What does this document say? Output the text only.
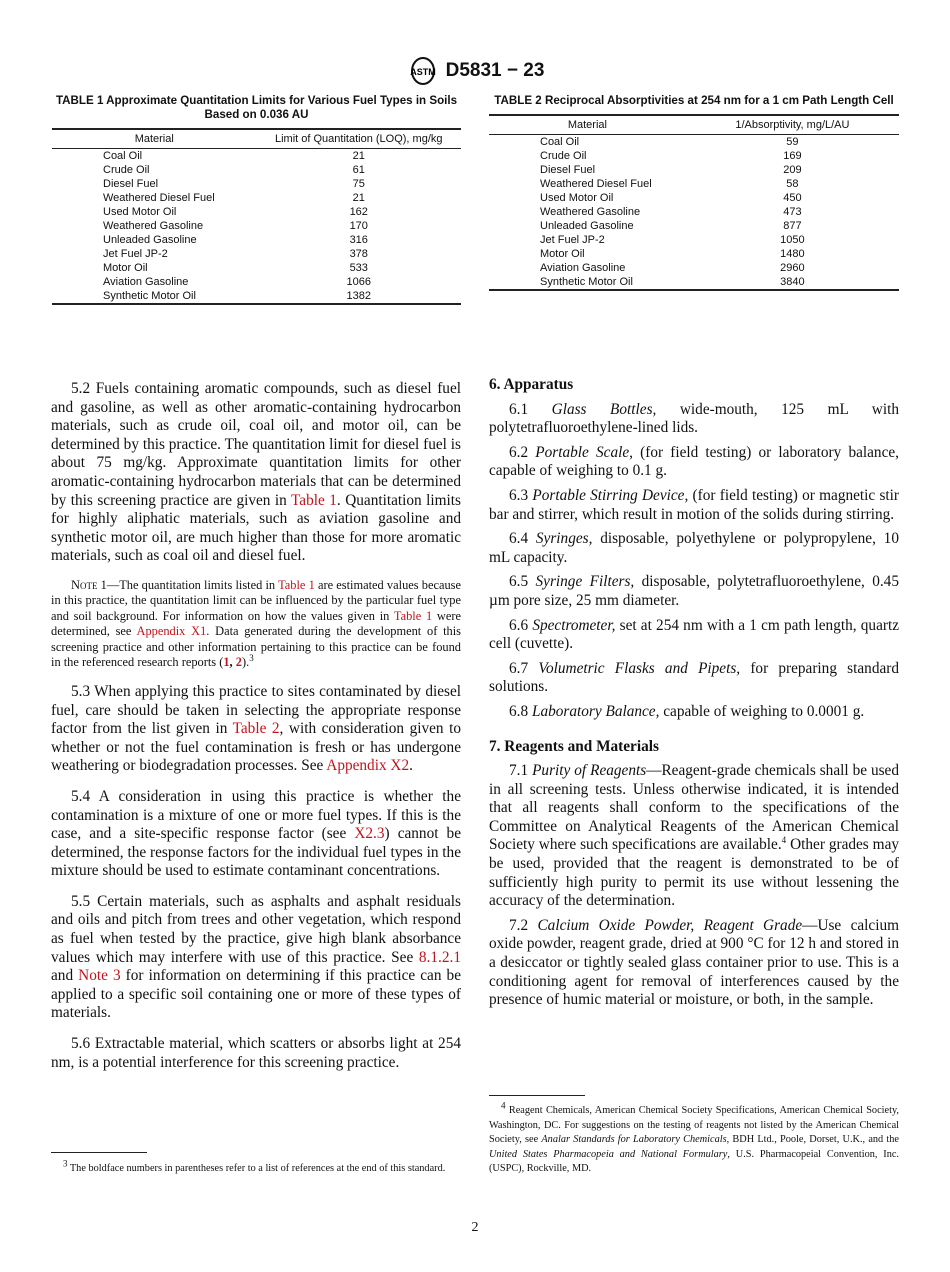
ASTM D5831 − 23
TABLE 1 Approximate Quantitation Limits for Various Fuel Types in Soils Based on 0.036 AU
Material	Limit of Quantitation (LOQ), mg/kg
Coal Oil	21
Crude Oil	61
Diesel Fuel	75
Weathered Diesel Fuel	21
Used Motor Oil	162
Weathered Gasoline	170
Unleaded Gasoline	316
Jet Fuel JP-2	378
Motor Oil	533
Aviation Gasoline	1066
Synthetic Motor Oil	1382
TABLE 2 Reciprocal Absorptivities at 254 nm for a 1 cm Path Length Cell
Material	1/Absorptivity, mg/L/AU
Coal Oil	59
Crude Oil	169
Diesel Fuel	209
Weathered Diesel Fuel	58
Used Motor Oil	450
Weathered Gasoline	473
Unleaded Gasoline	877
Jet Fuel JP-2	1050
Motor Oil	1480
Aviation Gasoline	2960
Synthetic Motor Oil	3840

5.2 Fuels containing aromatic compounds, such as diesel fuel and gasoline, as well as other aromatic-containing hydrocarbon materials, such as crude oil, coal oil, and motor oil, can be determined by this practice. The quantitation limit for diesel fuel is about 75 mg/kg. Approximate quantitation limits for other aromatic-containing hydrocarbon materials that can be determined by this screening practice are given in Table 1. Quantitation limits for highly aliphatic materials, such as aviation gasoline and synthetic motor oil, are much higher than those for more aromatic materials, such as coal oil and diesel fuel.

Note 1—The quantitation limits listed in Table 1 are estimated values because in this practice, the quantitation limit can be influenced by the particular fuel type and soil background. For information on how the values given in Table 1 were determined, see Appendix X1. Data generated during the development of this screening practice and other information pertaining to this practice can be found in the referenced research reports (1, 2).$^3$

5.3 When applying this practice to sites contaminated by diesel fuel, care should be taken in selecting the appropriate response factor from the list given in Table 2, with consideration given to whether or not the fuel contamination is fresh or has undergone weathering or biodegradation processes. See Appendix X2.

5.4 A consideration in using this practice is whether the contamination is a mixture of one or more fuel types. If this is the case, and a site-specific response factor (see X2.3) cannot be determined, the response factors for the individual fuel types in the mixture should be used to estimate contaminant concentrations.

5.5 Certain materials, such as asphalts and asphalt residuals and oils and pitch from trees and other vegetation, which respond as fuel when tested by the practice, give high blank absorbance values which may interfere with use of this practice. See 8.1.2.1 and Note 3 for information on determining if this practice can be applied to a specific soil containing one or more of these types of materials.

5.6 Extractable material, which scatters or absorbs light at 254 nm, is a potential interference for this screening practice.

6. Apparatus

6.1 Glass Bottles, wide-mouth, 125 mL with polytetrafluoroethylene-lined lids.

6.2 Portable Scale, (for field testing) or laboratory balance, capable of weighing to 0.1 g.

6.3 Portable Stirring Device, (for field testing) or magnetic stir bar and stirrer, which result in motion of the solids during stirring.

6.4 Syringes, disposable, polyethylene or polypropylene, 10 mL capacity.

6.5 Syringe Filters, disposable, polytetrafluoroethylene, 0.45 µm pore size, 25 mm diameter.

6.6 Spectrometer, set at 254 nm with a 1 cm path length, quartz cell (cuvette).

6.7 Volumetric Flasks and Pipets, for preparing standard solutions.

6.8 Laboratory Balance, capable of weighing to 0.0001 g.

7. Reagents and Materials

7.1 Purity of Reagents—Reagent-grade chemicals shall be used in all screening tests. Unless otherwise indicated, it is intended that all reagents shall conform to the specifications of the Committee on Analytical Reagents of the American Chemical Society where such specifications are available.$^4$ Other grades may be used, provided that the reagent is demonstrated to be of sufficiently high purity to permit its use without lessening the accuracy of the determination.

7.2 Calcium Oxide Powder, Reagent Grade—Use calcium oxide powder, reagent grade, dried at 900 °C for 12 h and stored in a desiccator or tightly sealed glass container prior to use. This is a conditioning agent for removal of interferences caused by the presence of humic material or moisture, or both, in the sample.

$^3$ The boldface numbers in parentheses refer to a list of references at the end of this standard.
$^4$ Reagent Chemicals, American Chemical Society Specifications, American Chemical Society, Washington, DC. For suggestions on the testing of reagents not listed by the American Chemical Society, see Analar Standards for Laboratory Chemicals, BDH Ltd., Poole, Dorset, U.K., and the United States Pharmacopeia and National Formulary, U.S. Pharmacopeial Convention, Inc. (USPC), Rockville, MD.
2
